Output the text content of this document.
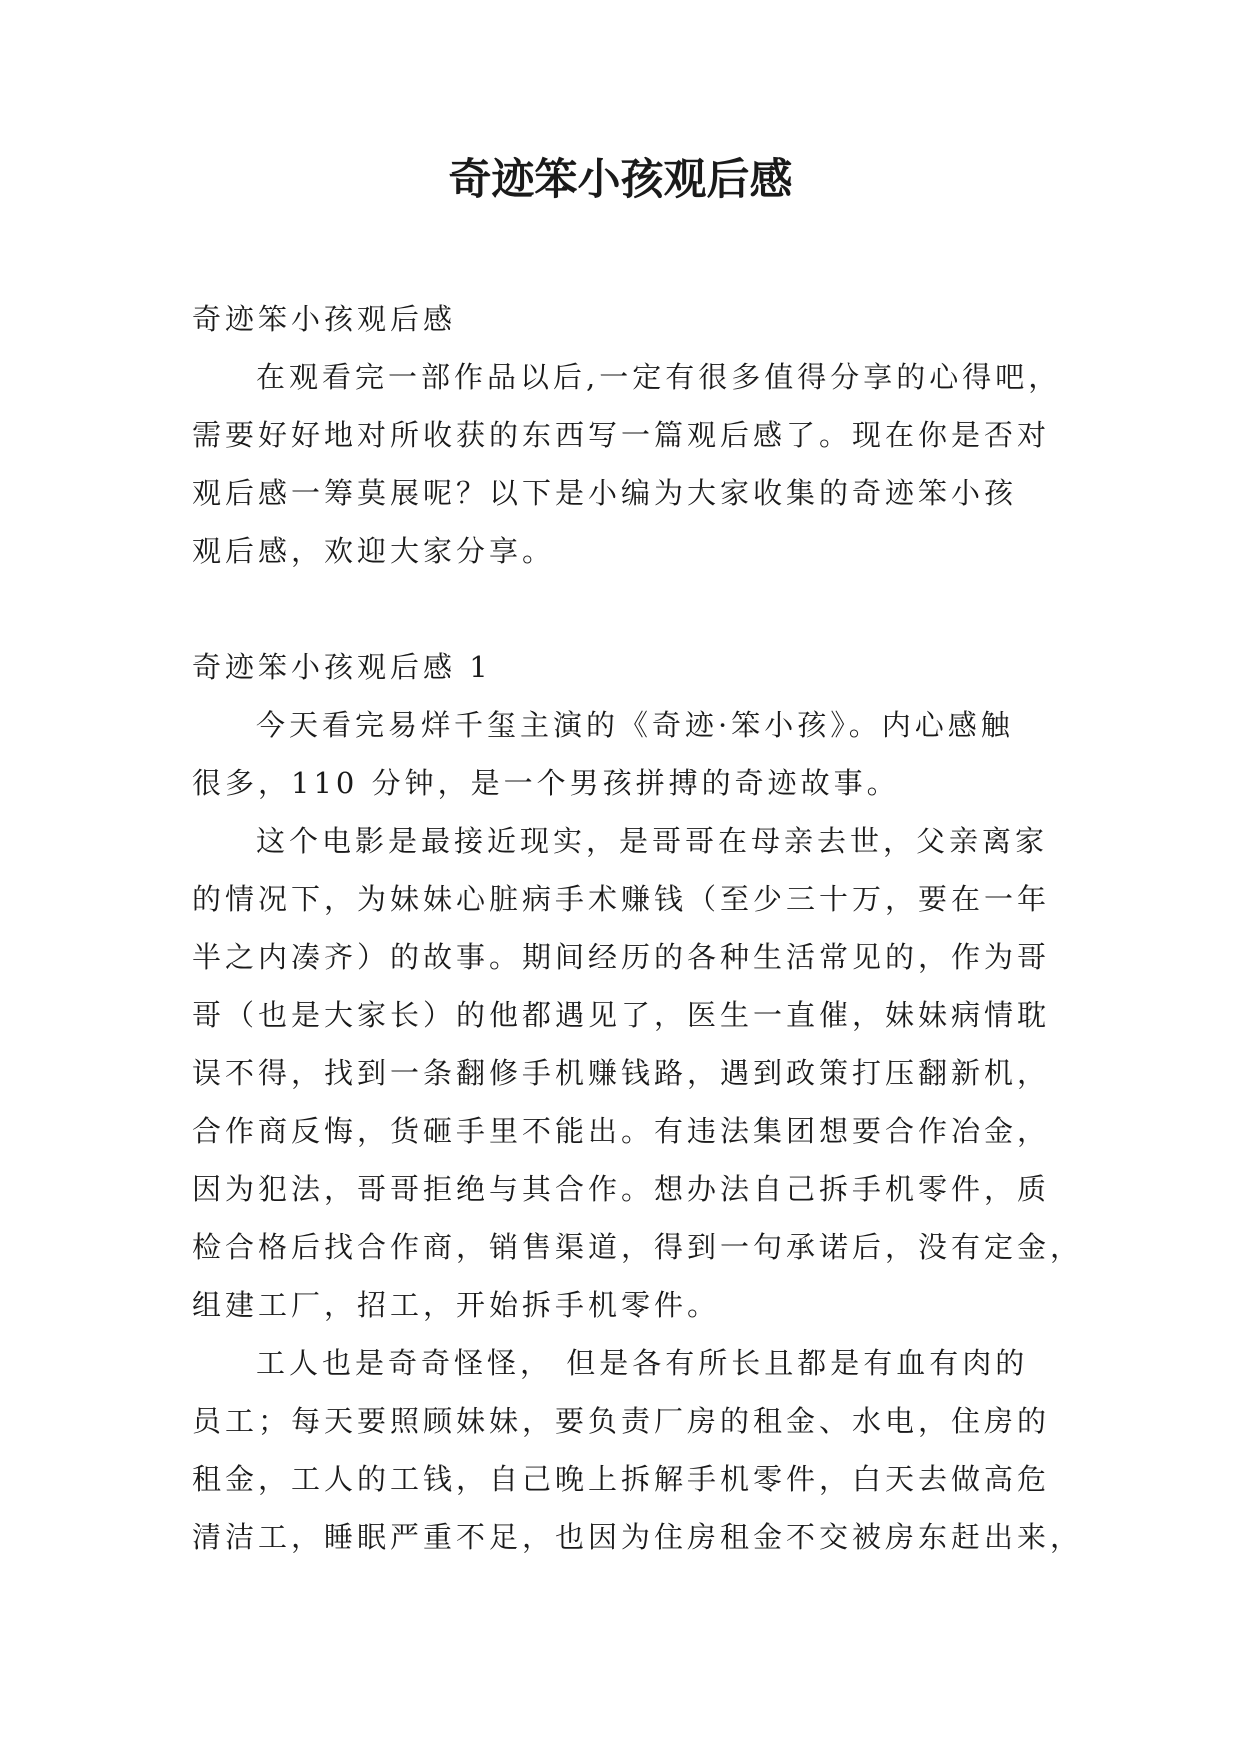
奇迹笨小孩观后感
奇迹笨小孩观后感
在观看完一部作品以后,一定有很多值得分享的心得吧，
需要好好地对所收获的东西写一篇观后感了。现在你是否对
观后感一筹莫展呢？以下是小编为大家收集的奇迹笨小孩
观后感，欢迎大家分享。
奇迹笨小孩观后感 1
今天看完易烊千玺主演的《奇迹·笨小孩》。内心感触
很多，110 分钟，是一个男孩拼搏的奇迹故事。
这个电影是最接近现实，是哥哥在母亲去世，父亲离家
的情况下，为妹妹心脏病手术赚钱（至少三十万，要在一年
半之内凑齐）的故事。期间经历的各种生活常见的，作为哥
哥（也是大家长）的他都遇见了，医生一直催，妹妹病情耽
误不得，找到一条翻修手机赚钱路，遇到政策打压翻新机，
合作商反悔，货砸手里不能出。有违法集团想要合作冶金，
因为犯法，哥哥拒绝与其合作。想办法自己拆手机零件，质
检合格后找合作商，销售渠道，得到一句承诺后，没有定金，
组建工厂，招工，开始拆手机零件。
工人也是奇奇怪怪， 但是各有所长且都是有血有肉的
员工；每天要照顾妹妹，要负责厂房的租金、水电，住房的
租金，工人的工钱，自己晚上拆解手机零件，白天去做高危
清洁工，睡眠严重不足，也因为住房租金不交被房东赶出来，
